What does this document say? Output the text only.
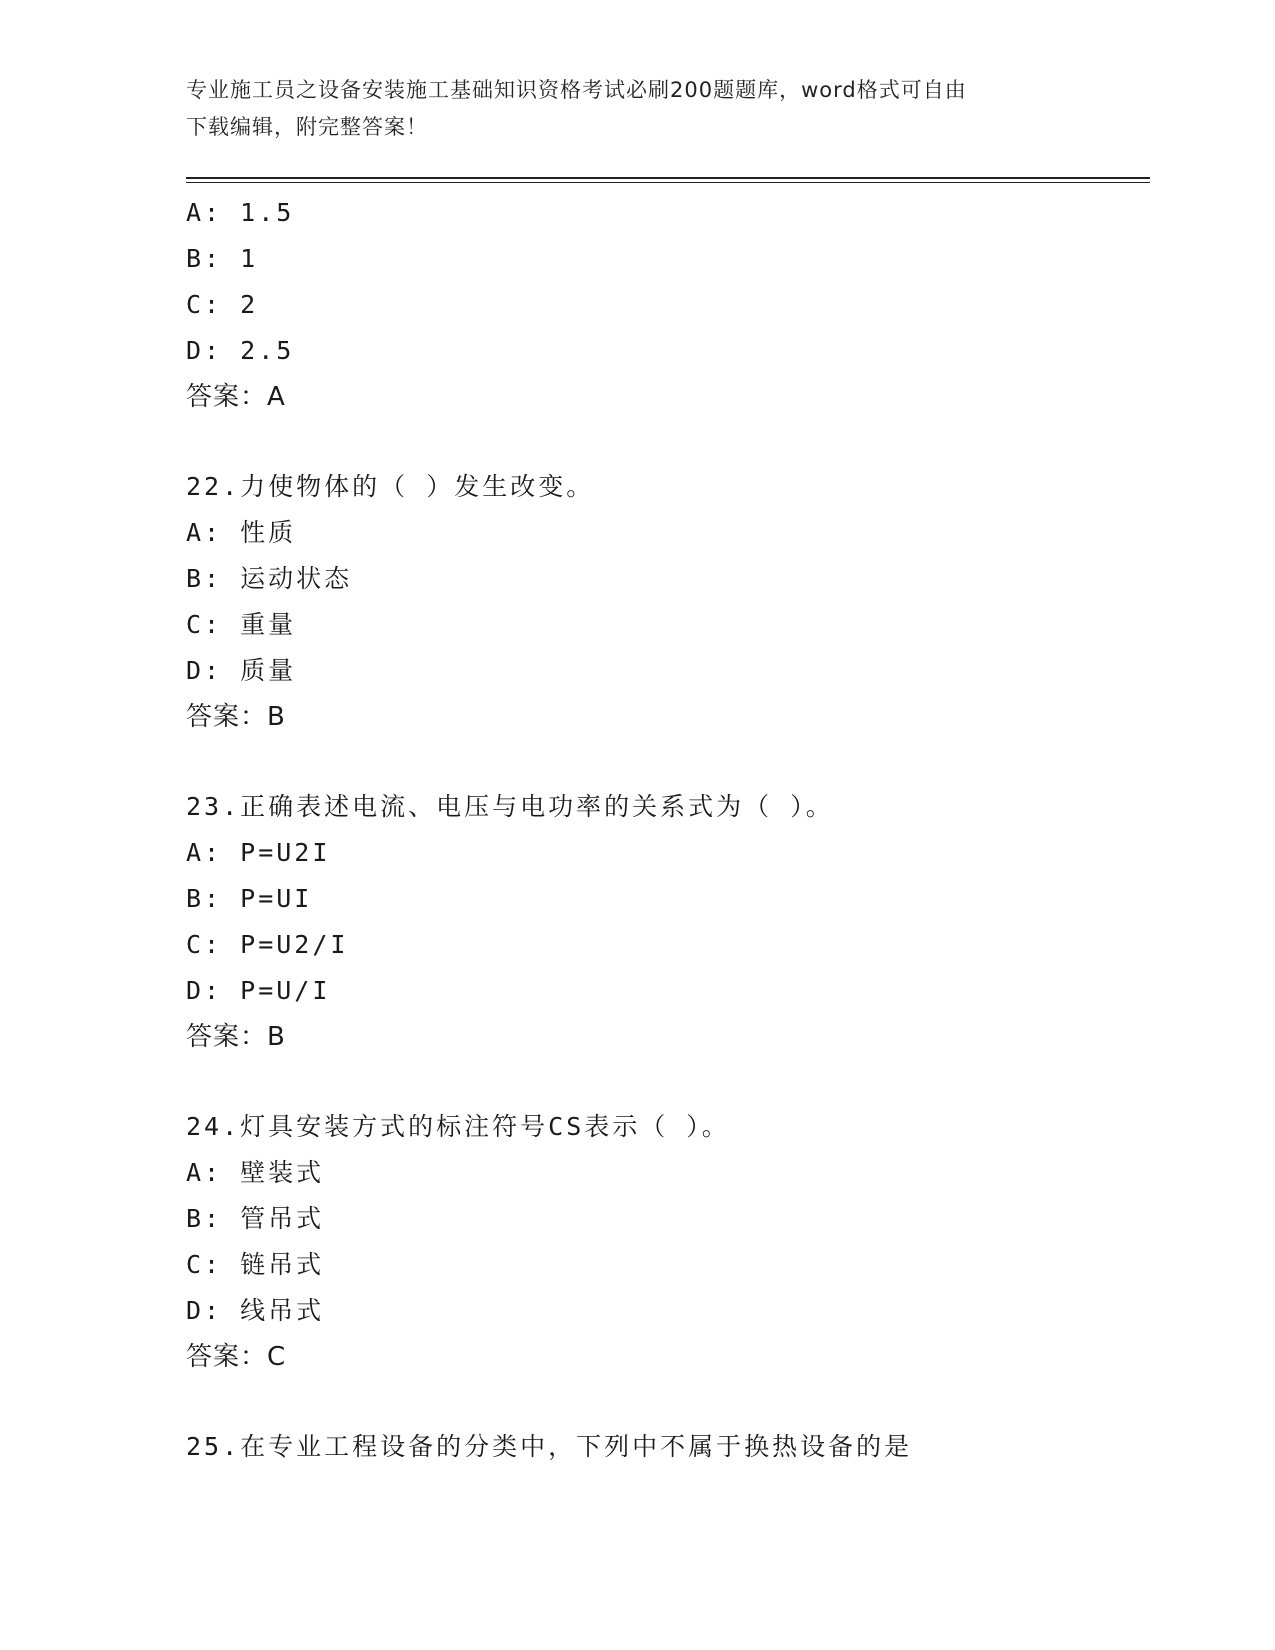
专业施工员之设备安装施工基础知识资格考试必刷200题题库，word格式可自由
下载编辑，附完整答案！
A: 1.5
B: 1
C: 2
D: 2.5
答案：A
22.力使物体的（ ）发生改变。
A: 性质
B: 运动状态
C: 重量
D: 质量
答案：B
23.正确表述电流、电压与电功率的关系式为（ ）。
A: P=U2I
B: P=UI
C: P=U2/I
D: P=U/I
答案：B
24.灯具安装方式的标注符号CS表示（ ）。
A: 壁装式
B: 管吊式
C: 链吊式
D: 线吊式
答案：C
25.在专业工程设备的分类中，下列中不属于换热设备的是
